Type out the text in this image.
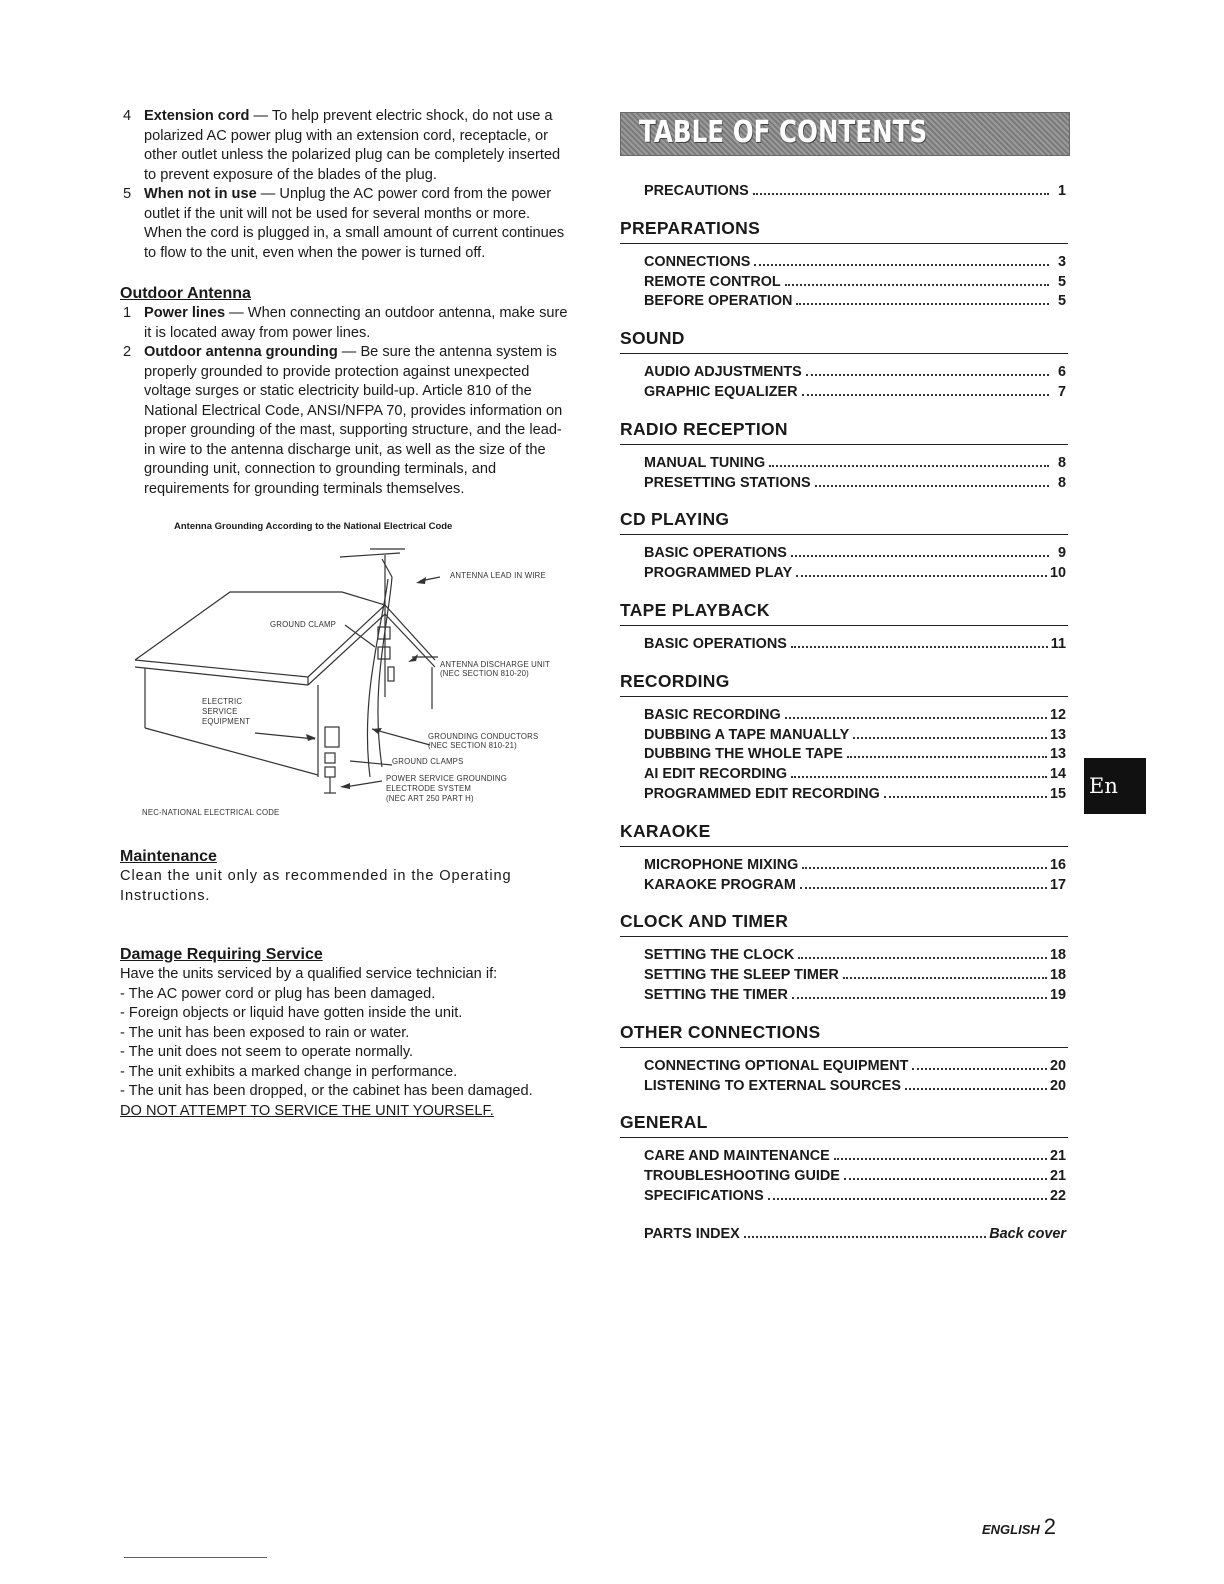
4 Extension cord — To help prevent electric shock, do not use a polarized AC power plug with an extension cord, receptacle, or other outlet unless the polarized plug can be completely inserted to prevent exposure of the blades of the plug.
5 When not in use — Unplug the AC power cord from the power outlet if the unit will not be used for several months or more. When the cord is plugged in, a small amount of current continues to flow to the unit, even when the power is turned off.
Outdoor Antenna
1 Power lines — When connecting an outdoor antenna, make sure it is located away from power lines.
2 Outdoor antenna grounding — Be sure the antenna system is properly grounded to provide protection against unexpected voltage surges or static electricity build-up. Article 810 of the National Electrical Code, ANSI/NFPA 70, provides information on proper grounding of the mast, supporting structure, and the lead-in wire to the antenna discharge unit, as well as the size of the grounding unit, connection to grounding terminals, and requirements for grounding terminals themselves.
Antenna Grounding According to the National Electrical Code
ANTENNA LEAD IN WIRE
GROUND CLAMP
ANTENNA DISCHARGE UNIT
(NEC SECTION 810-20)
ELECTRIC
SERVICE
EQUIPMENT
GROUNDING CONDUCTORS
(NEC SECTION 810-21)
GROUND CLAMPS
POWER SERVICE GROUNDING
ELECTRODE SYSTEM
(NEC ART 250 PART H)
NEC-NATIONAL ELECTRICAL CODE
Maintenance

Clean the unit only as recommended in the Operating Instructions.

Damage Requiring Service

Have the units serviced by a qualified service technician if:

- The AC power cord or plug has been damaged.
- Foreign objects or liquid have gotten inside the unit.
- The unit has been exposed to rain or water.
- The unit does not seem to operate normally.
- The unit exhibits a marked change in performance.
- The unit has been dropped, or the cabinet has been damaged.

DO NOT ATTEMPT TO SERVICE THE UNIT YOURSELF.

TABLE OF CONTENTS
PRECAUTIONS	1
PREPARATIONS
CONNECTIONS	3
REMOTE CONTROL	5
BEFORE OPERATION	5
SOUND
AUDIO ADJUSTMENTS	6
GRAPHIC EQUALIZER	7
RADIO RECEPTION
MANUAL TUNING	8
PRESETTING STATIONS	8
CD PLAYING
BASIC OPERATIONS	9
PROGRAMMED PLAY	10
TAPE PLAYBACK
BASIC OPERATIONS	11
RECORDING
BASIC RECORDING	12
DUBBING A TAPE MANUALLY	13
DUBBING THE WHOLE TAPE	13
AI EDIT RECORDING	14
PROGRAMMED EDIT RECORDING	15
KARAOKE
MICROPHONE MIXING	16
KARAOKE PROGRAM	17
CLOCK AND TIMER
SETTING THE CLOCK	18
SETTING THE SLEEP TIMER	18
SETTING THE TIMER	19
OTHER CONNECTIONS
CONNECTING OPTIONAL EQUIPMENT	20
LISTENING TO EXTERNAL SOURCES	20
GENERAL
CARE AND MAINTENANCE	21
TROUBLESHOOTING GUIDE	21
SPECIFICATIONS	22
PARTS INDEX	Back cover
En
ENGLISH 2
